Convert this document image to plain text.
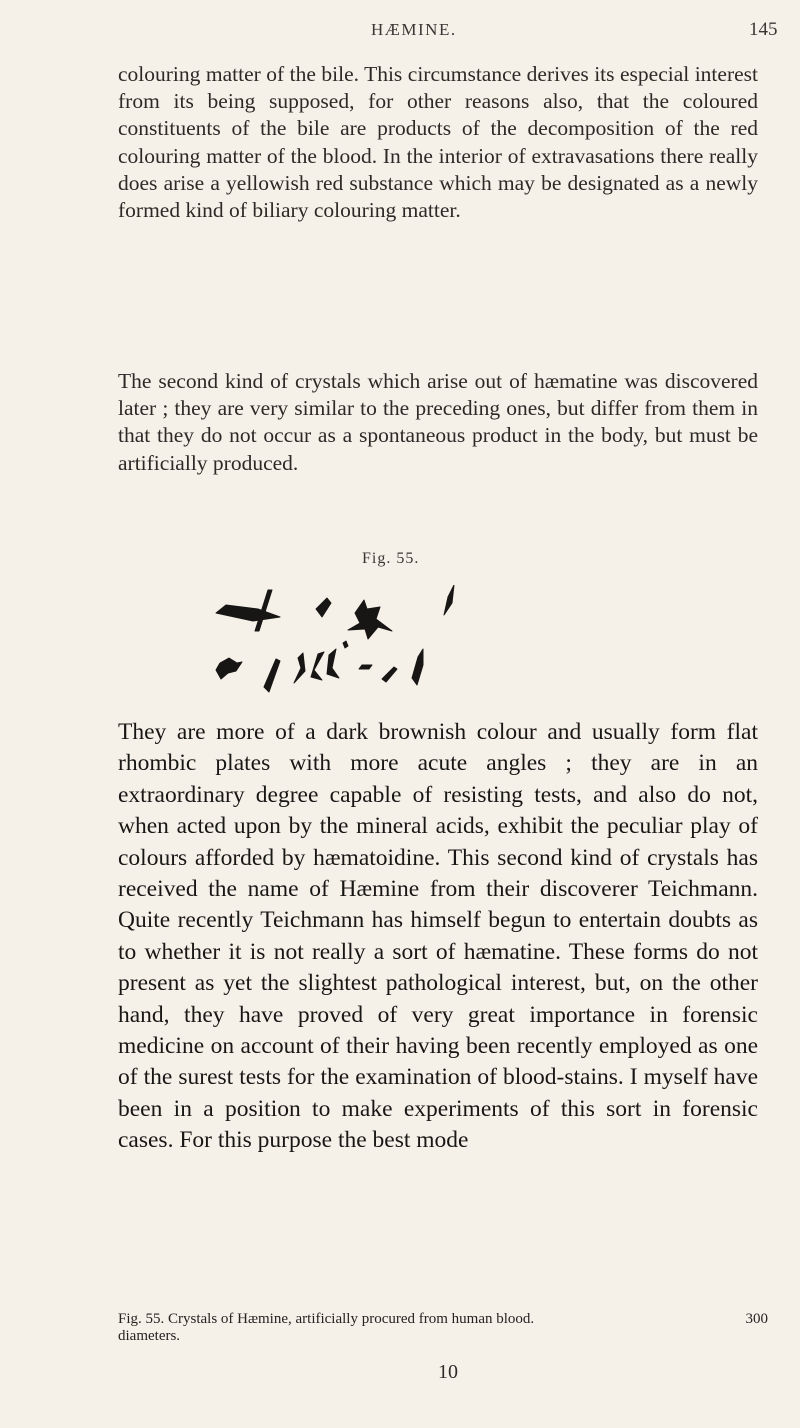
HÆMINE.	145

colouring matter of the bile. This circumstance derives its especial interest from its being supposed, for other reasons also, that the coloured constituents of the bile are products of the decomposition of the red colouring matter of the blood. In the interior of extravasations there really does arise a yellowish red substance which may be designated as a newly formed kind of biliary colouring matter.

The second kind of crystals which arise out of hæmatine was discovered later ; they are very similar to the preceding ones, but differ from them in that they do not occur as a spontaneous product in the body, but must be artificially produced.

Fig. 55.

They are more of a dark brownish colour and usually form flat rhombic plates with more acute angles ; they are in an extraordinary degree capable of resisting tests, and also do not, when acted upon by the mineral acids, exhibit the peculiar play of colours afforded by hæmatoidine. This second kind of crystals has received the name of Hæmine from their discoverer Teichmann. Quite recently Teichmann has himself begun to entertain doubts as to whether it is not really a sort of hæmatine. These forms do not present as yet the slightest pathological interest, but, on the other hand, they have proved of very great importance in forensic medicine on account of their having been recently employed as one of the surest tests for the examination of blood-stains. I myself have been in a position to make experiments of this sort in forensic cases. For this purpose the best mode

Fig. 55. Crystals of Hæmine, artificially procured from human blood.	300
diameters.
10
